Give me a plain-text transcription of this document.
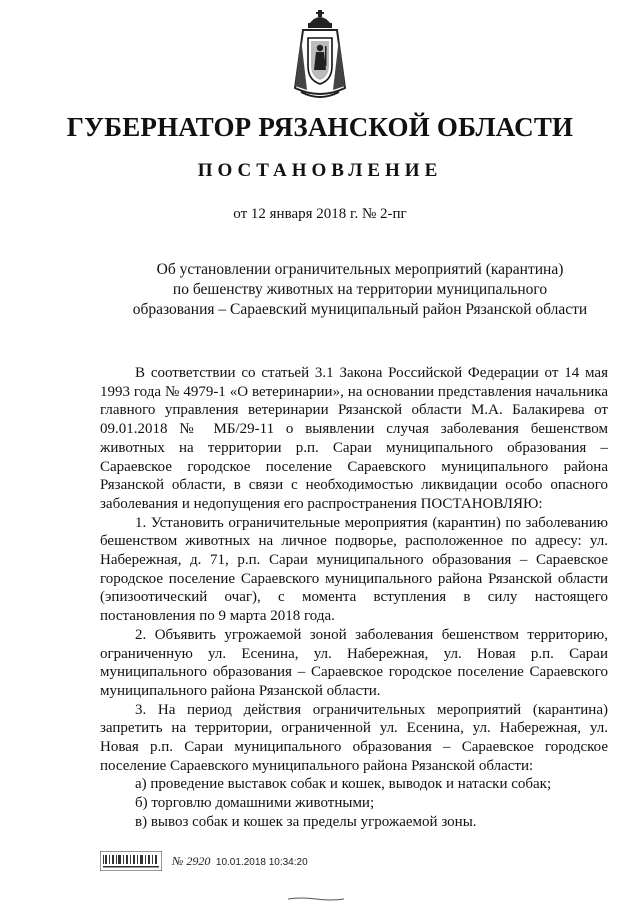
ГУБЕРНАТОР РЯЗАНСКОЙ ОБЛАСТИ
ПОСТАНОВЛЕНИЕ
от 12 января 2018 г. № 2-пг
Об установлении ограничительных мероприятий (карантина)
по бешенству животных на территории муниципального
образования – Сараевский муниципальный район Рязанской области

В соответствии со статьей 3.1 Закона Российской Федерации от 14 мая 1993 года № 4979-1 «О ветеринарии», на основании представления начальника главного управления ветеринарии Рязанской области М.А. Балакирева от 09.01.2018 № МБ/29-11 о выявлении случая заболевания бешенством животных на территории р.п. Сараи муниципального образования – Сараевское городское поселение Сараевского муниципального района Рязанской области, в связи с необходимостью ликвидации особо опасного заболевания и недопущения его распространения ПОСТАНОВЛЯЮ:

1. Установить ограничительные мероприятия (карантин) по заболеванию бешенством животных на личное подворье, расположенное по адресу: ул. Набережная, д. 71, р.п. Сараи муниципального образования – Сараевское городское поселение Сараевского муниципального района Рязанской области (эпизоотический очаг), с момента вступления в силу настоящего постановления по 9 марта 2018 года.

2. Объявить угрожаемой зоной заболевания бешенством территорию, ограниченную ул. Есенина, ул. Набережная, ул. Новая р.п. Сараи муниципального образования – Сараевское городское поселение Сараевского муниципального района Рязанской области.

3. На период действия ограничительных мероприятий (карантина) запретить на территории, ограниченной ул. Есенина, ул. Набережная, ул. Новая р.п. Сараи муниципального образования – Сараевское городское поселение Сараевского муниципального района Рязанской области:

а) проведение выставок собак и кошек, выводок и натаски собак;

б) торговлю домашними животными;

в) вывоз собак и кошек за пределы угрожаемой зоны.

№ 2920 10.01.2018 10:34:20
